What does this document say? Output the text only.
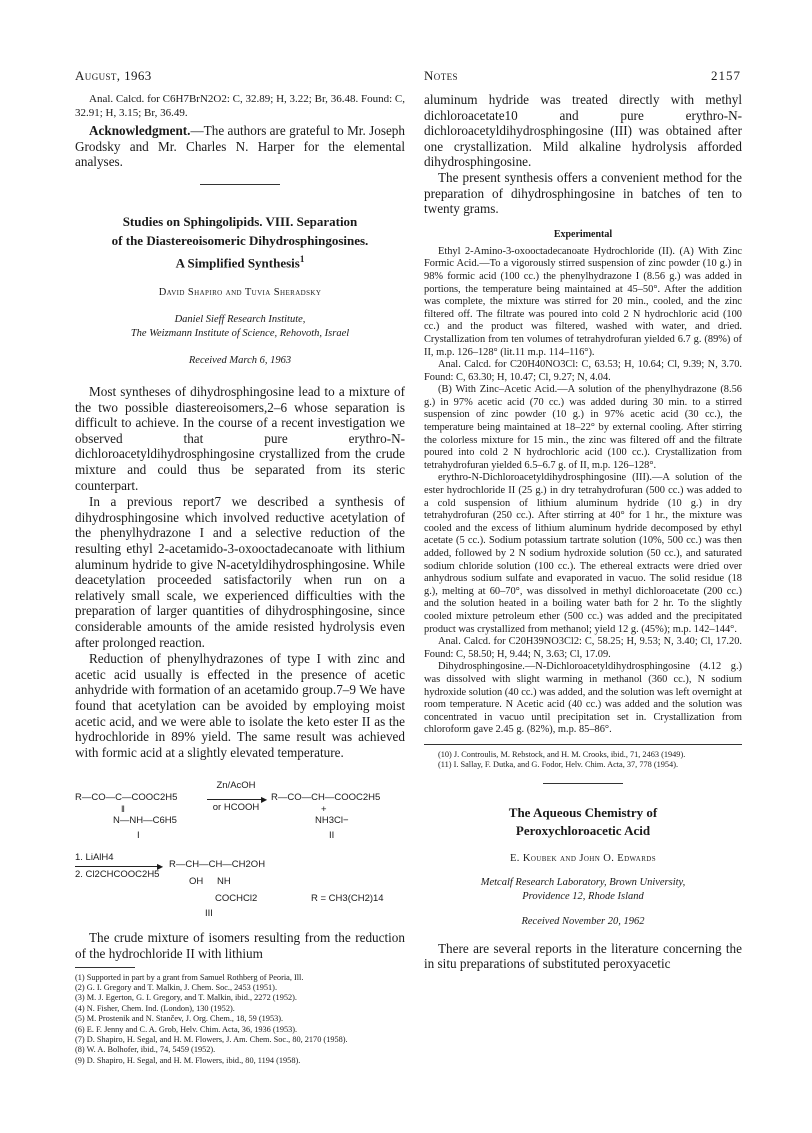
August, 1963	Notes	2157

Anal. Calcd. for C6H7BrN2O2: C, 32.89; H, 3.22; Br, 36.48. Found: C, 32.91; H, 3.15; Br, 36.49.

Acknowledgment.—The authors are grateful to Mr. Joseph Grodsky and Mr. Charles N. Harper for the elemental analyses.

Studies on Sphingolipids. VIII. Separation
of the Diastereoisomeric Dihydrosphingosines.
A Simplified Synthesis$^1$
David Shapiro and Tuvia Sheradsky
Daniel Sieff Research Institute,
The Weizmann Institute of Science, Rehovoth, Israel
Received March 6, 1963

Most syntheses of dihydrosphingosine lead to a mixture of the two possible diastereoisomers,2–6 whose separation is difficult to achieve. In the course of a recent investigation we observed that pure erythro-N-dichloroacetyldihydrosphingosine crystallized from the crude mixture and could thus be separated from its steric counterpart.

In a previous report7 we described a synthesis of dihydrosphingosine which involved reductive acetylation of the phenylhydrazone I and a selective reduction of the resulting ethyl 2-acetamido-3-oxooctadecanoate with lithium aluminum hydride to give N-acetyldihydrosphingosine. While deacetylation proceeded satisfactorily when run on a relatively small scale, we experienced difficulties with the preparation of larger quantities of dihydrosphingosine, since considerable amounts of the amide resisted hydrolysis even after prolonged reaction.

Reduction of phenylhydrazones of type I with zinc and acetic acid usually is effected in the presence of acetic anhydride with formation of an acetamido group.7–9 We have found that acetylation can be avoided by employing moist acetic acid, and we were able to isolate the keto ester II as the hydrochloride in 89% yield. The same result was achieved with formic acid at a slightly elevated temperature.

R—CO—C—COOC2H5
‖
N—NH—C6H5
I
Zn/AcOH
▶
or HCOOH
R—CO—CH—COOC2H5
+
NH3Cl−
II
1. LiAlH4
▶
2. Cl2CHCOOC2H5
R—CH—CH—CH2OH
OH NH
COCHCl2
III
R = CH3(CH2)14

The crude mixture of isomers resulting from the reduction of the hydrochloride II with lithium

(1) Supported in part by a grant from Samuel Rothberg of Peoria, Ill.

(2) G. I. Gregory and T. Malkin, J. Chem. Soc., 2453 (1951).

(3) M. J. Egerton, G. I. Gregory, and T. Malkin, ibid., 2272 (1952).

(4) N. Fisher, Chem. Ind. (London), 130 (1952).

(5) M. Prostenik and N. Stančev, J. Org. Chem., 18, 59 (1953).

(6) E. F. Jenny and C. A. Grob, Helv. Chim. Acta, 36, 1936 (1953).

(7) D. Shapiro, H. Segal, and H. M. Flowers, J. Am. Chem. Soc., 80, 2170 (1958).

(8) W. A. Bolhofer, ibid., 74, 5459 (1952).

(9) D. Shapiro, H. Segal, and H. M. Flowers, ibid., 80, 1194 (1958).

aluminum hydride was treated directly with methyl dichloroacetate10 and pure erythro-N-dichloroacetyldihydrosphingosine (III) was obtained after one crystallization. Mild alkaline hydrolysis afforded dihydrosphingosine.

The present synthesis offers a convenient method for the preparation of dihydrosphingosine in batches of ten to twenty grams.

Experimental

Ethyl 2-Amino-3-oxooctadecanoate Hydrochloride (II). (A) With Zinc Formic Acid.—To a vigorously stirred suspension of zinc powder (10 g.) in 98% formic acid (100 cc.) the phenylhydrazone I (8.56 g.) was added in portions, the temperature being maintained at 45–50°. After the addition was complete, the mixture was stirred for 20 min., cooled, and the zinc filtered off. The filtrate was poured into cold 2 N hydrochloric acid (100 cc.) and the product was filtered, washed with water, and dried. Crystallization from ten volumes of tetrahydrofuran yielded 6.7 g. (89%) of II, m.p. 126–128° (lit.11 m.p. 114–116°).

Anal. Calcd. for C20H40NO3Cl: C, 63.53; H, 10.64; Cl, 9.39; N, 3.70. Found: C, 63.30; H, 10.47; Cl, 9.27; N, 4.04.

(B) With Zinc–Acetic Acid.—A solution of the phenylhydrazone (8.56 g.) in 97% acetic acid (70 cc.) was added during 30 min. to a stirred suspension of zinc powder (10 g.) in 97% acetic acid (30 cc.), the temperature being maintained at 18–22° by external cooling. After stirring the colorless mixture for 15 min., the zinc was filtered off and the filtrate poured into cold 2 N hydrochloric acid (100 cc.). Crystallization from tetrahydrofuran yielded 6.5–6.7 g. of II, m.p. 126–128°.

erythro-N-Dichloroacetyldihydrosphingosine (III).—A solution of the ester hydrochloride II (25 g.) in dry tetrahydrofuran (500 cc.) was added to a cold suspension of lithium aluminum hydride (10 g.) in dry tetrahydrofuran (250 cc.). After stirring at 40° for 1 hr., the mixture was cooled and the excess of lithium aluminum hydride decomposed by ethyl acetate (5 cc.). Sodium potassium tartrate solution (10%, 500 cc.) was then added, followed by 2 N sodium hydroxide solution (50 cc.), and saturated sodium chloride solution (100 cc.). The ethereal extracts were dried over anhydrous sodium sulfate and evaporated in vacuo. The solid residue (18 g.), melting at 60–70°, was dissolved in methyl dichloroacetate (200 cc.) and the solution heated in a boiling water bath for 2 hr. To the slightly cooled mixture petroleum ether (500 cc.) was added and the precipitated product was crystallized from methanol; yield 12 g. (45%); m.p. 142–144°.

Anal. Calcd. for C20H39NO3Cl2: C, 58.25; H, 9.53; N, 3.40; Cl, 17.20. Found: C, 58.50; H, 9.44; N, 3.63; Cl, 17.09.

Dihydrosphingosine.—N-Dichloroacetyldihydrosphingosine (4.12 g.) was dissolved with slight warming in methanol (360 cc.), N sodium hydroxide solution (40 cc.) was added, and the solution was left overnight at room temperature. N Acetic acid (40 cc.) was added and the solution was concentrated in vacuo until precipitation set in. Crystallization from chloroform gave 2.45 g. (82%), m.p. 85–86°.

(10) J. Controulis, M. Rebstock, and H. M. Crooks, ibid., 71, 2463 (1949).

(11) I. Sallay, F. Dutka, and G. Fodor, Helv. Chim. Acta, 37, 778 (1954).

The Aqueous Chemistry of
Peroxychloroacetic Acid
E. Koubek and John O. Edwards
Metcalf Research Laboratory, Brown University,
Providence 12, Rhode Island
Received November 20, 1962

There are several reports in the literature concerning the in situ preparations of substituted peroxyacetic
